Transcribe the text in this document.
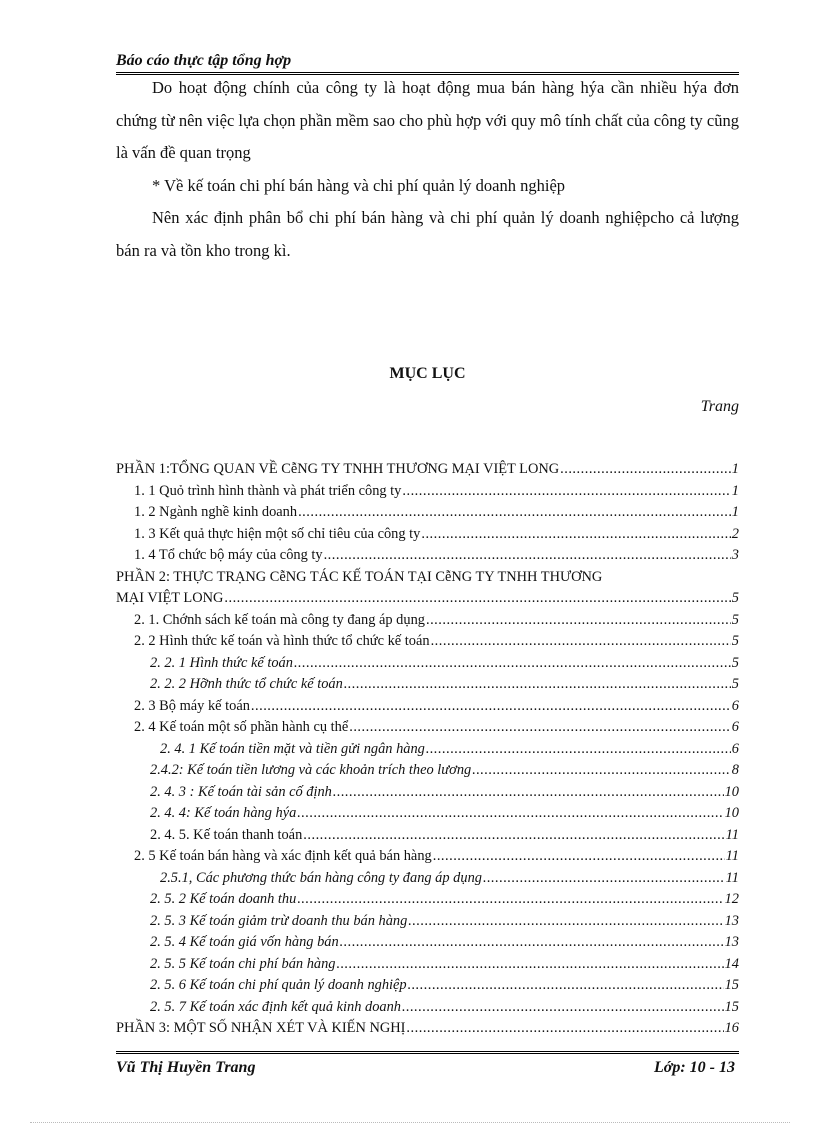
Báo cáo thực tập tổng hợp

Do hoạt động chính của công ty là hoạt động mua bán hàng hýa cần nhiều hýa đơn chứng từ nên việc lựa chọn phần mềm sao cho phù hợp với quy mô tính chất của công ty cũng là vấn đề quan trọng

* Về kế toán chi phí bán hàng và chi phí quản lý doanh nghiệp

Nên xác định phân bổ chi phí bán hàng và chi phí quản lý doanh nghiệpcho cả lượng bán ra và tồn kho trong kì.

MỤC LỤC
Trang
PHẦN 1:TỔNG QUAN VỀ CễNG TY TNHH THƯƠNG MẠI VIỆT LONG .....	1
1. 1 Quỏ trình hình thành và phát triển công ty .....	1
1. 2 Ngành nghề kinh doanh .....	1
1. 3 Kết quả thực hiện một số chỉ tiêu của công ty .....	2
1. 4 Tổ chức bộ máy của công ty .....	3
PHẦN 2: THỰC TRẠNG CễNG TÁC KẾ TOÁN TẠI CễNG TY TNHH THƯƠNG
MẠI VIỆT LONG .....	5
2. 1. Chớnh sách kế toán mà công ty đang áp dụng .....	5
2. 2 Hình thức kế toán và hình thức tổ chức kế toán .....	5
2. 2. 1 Hình thức kế toán .....	5
2. 2. 2 Hỡnh thức tổ chức kế toán .....	5
2. 3 Bộ máy kế toán .....	6
2. 4 Kế toán một số phần hành cụ thể .....	6
2. 4. 1 Kế toán tiền mặt và tiền gửi ngân hàng .....	6
2.4.2: Kế toán tiền lương và các khoản trích theo lương .....	8
2. 4. 3 : Kế toán tài sản cố định .....	10
2. 4. 4: Kế toán hàng hýa .....	10
2. 4. 5. Kế toán thanh toán .....	11
2. 5 Kế toán bán hàng và xác định kết quả bán hàng .....	11
2.5.1, Các phương thức bán hàng công ty đang áp dụng .....	11
2. 5. 2 Kế toán doanh thu .....	12
2. 5. 3 Kế toán giảm trừ doanh thu bán hàng .....	13
2. 5. 4 Kế toán giá vốn hàng bán .....	13
2. 5. 5 Kế toán chi phí bán hàng .....	14
2. 5. 6 Kế toán chi phí quản lý doanh nghiệp .....	15
2. 5. 7 Kế toán xác định kết quả kinh doanh .....	15
PHẦN 3: MỘT SỐ NHẬN XÉT VÀ KIẾN NGHỊ .....	16
Vũ Thị Huyền Trang	Lớp: 10 - 13
